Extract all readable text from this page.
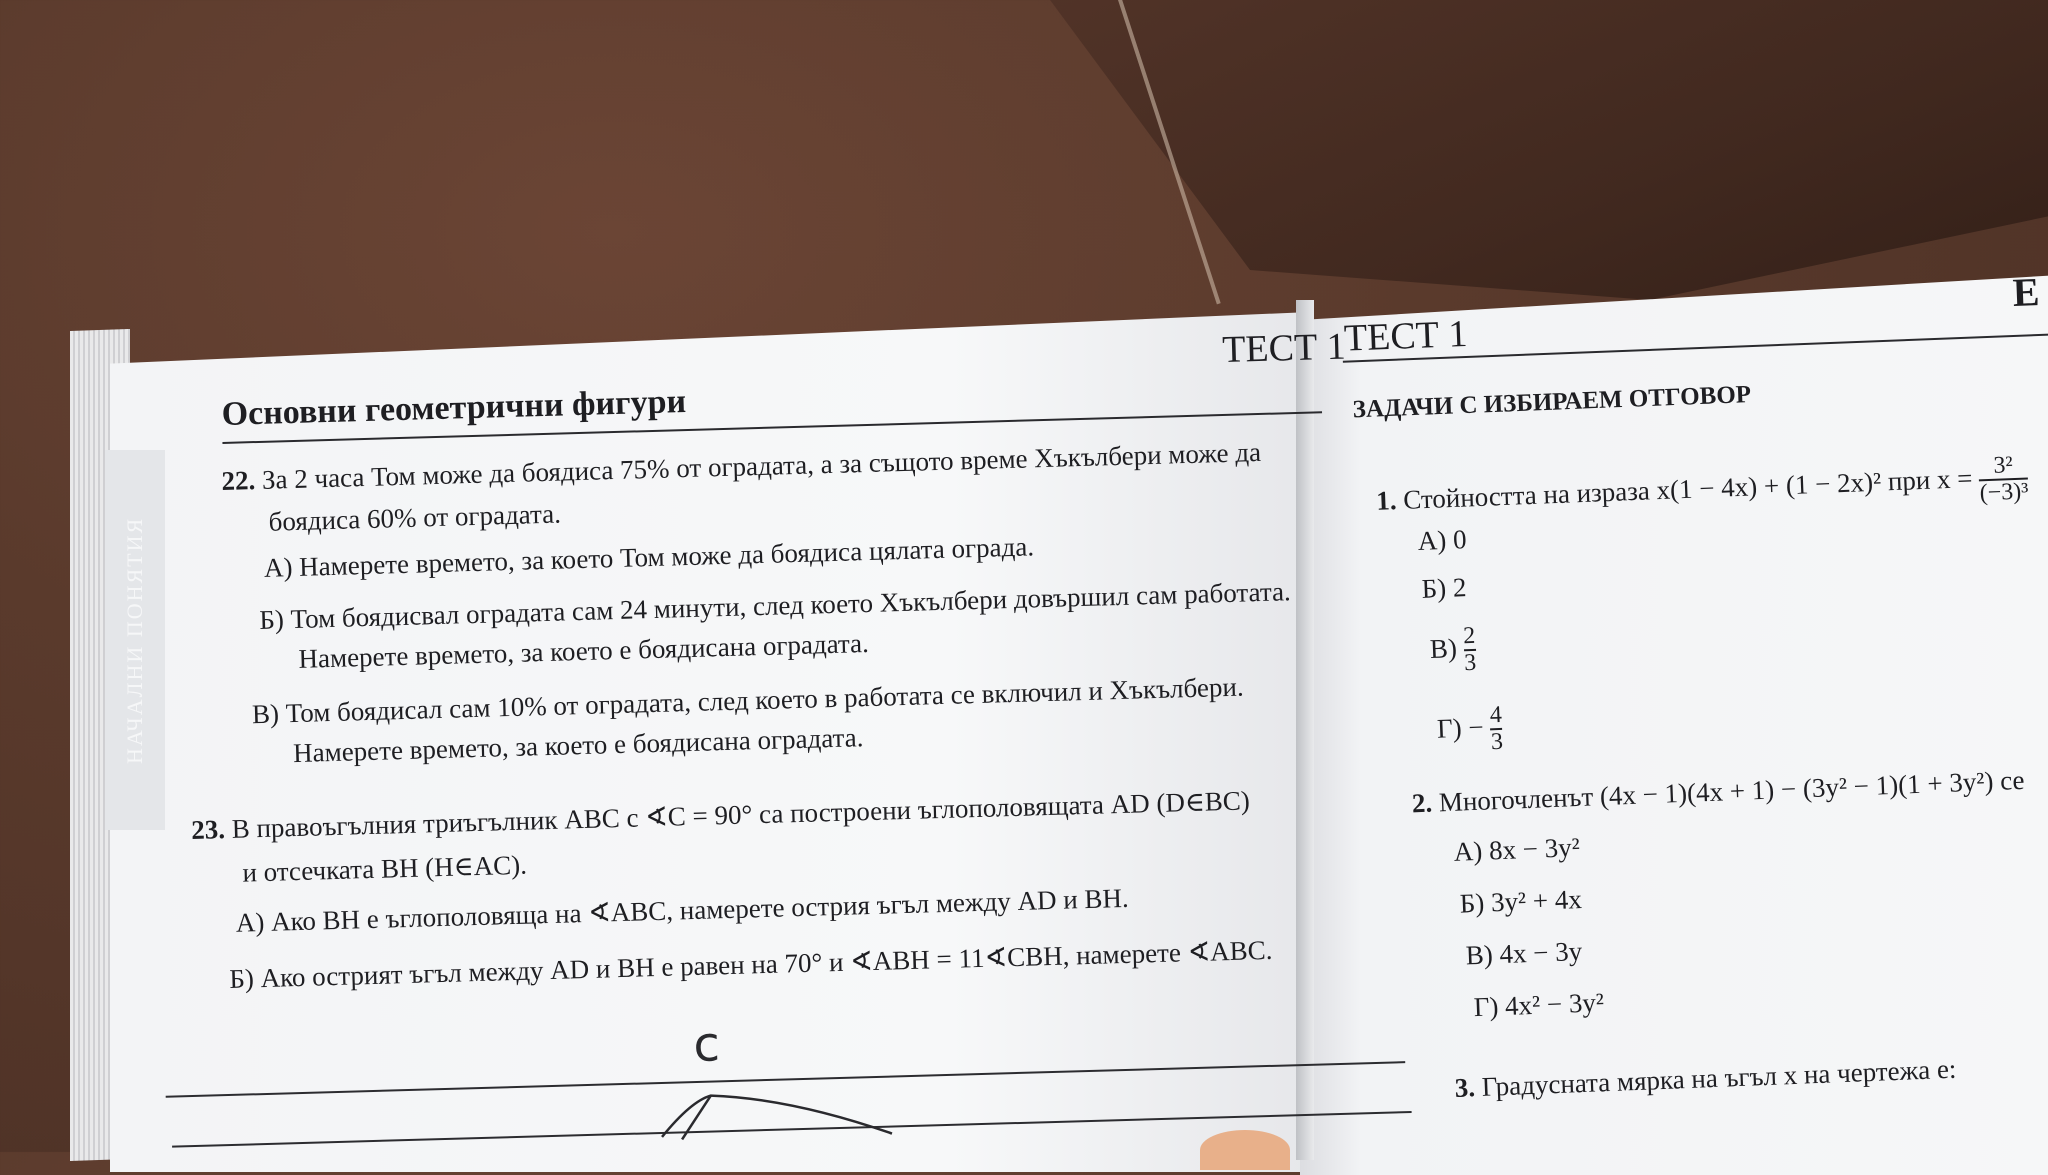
НАЧАЛНИ ПОНЯТИЯ
Основни геометрични фигури
ТЕСТ 1
22. За 2 часа Том може да боядиса 75% от оградата, а за същото време Хъкълбери може да
боядиса 60% от оградата.
А) Намерете времето, за което Том може да боядиса цялата ограда.
Б) Том боядисвал оградата сам 24 минути, след което Хъкълбери довършил сам работата.
Намерете времето, за което е боядисана оградата.
В) Том боядисал сам 10% от оградата, след което в работата се включил и Хъкълбери.
Намерете времето, за което е боядисана оградата.
23. В правоъгълния триъгълник ABC с ∢C = 90° са построени ъглополовящата AD (D∈BC)
и отсечката BH (H∈AC).
А) Ако BH е ъглополовяща на ∢ABC, намерете острия ъгъл между AD и BH.
Б) Ако острият ъгъл между AD и BH е равен на 70° и ∢ABH = 11∢CBH, намерете ∢ABC.
c
ТЕСТ 1
Е
ЗАДАЧИ С ИЗБИРАЕМ ОТГОВОР
1. Стойността на израза x(1 − 4x) + (1 − 2x)² при $x = \frac{\text{3²}}{\text{(−3)³}}$
А) 0
Б) 2
$В) \frac{2}{3}$
$Г) - \frac{4}{3}$
2. Многочленът (4x − 1)(4x + 1) − (3y² − 1)(1 + 3y²) се
А) 8x − 3y²
Б) 3y² + 4x
В) 4x − 3y
Г) 4x² − 3y²
3. Градусната мярка на ъгъл x на чертежа е:
